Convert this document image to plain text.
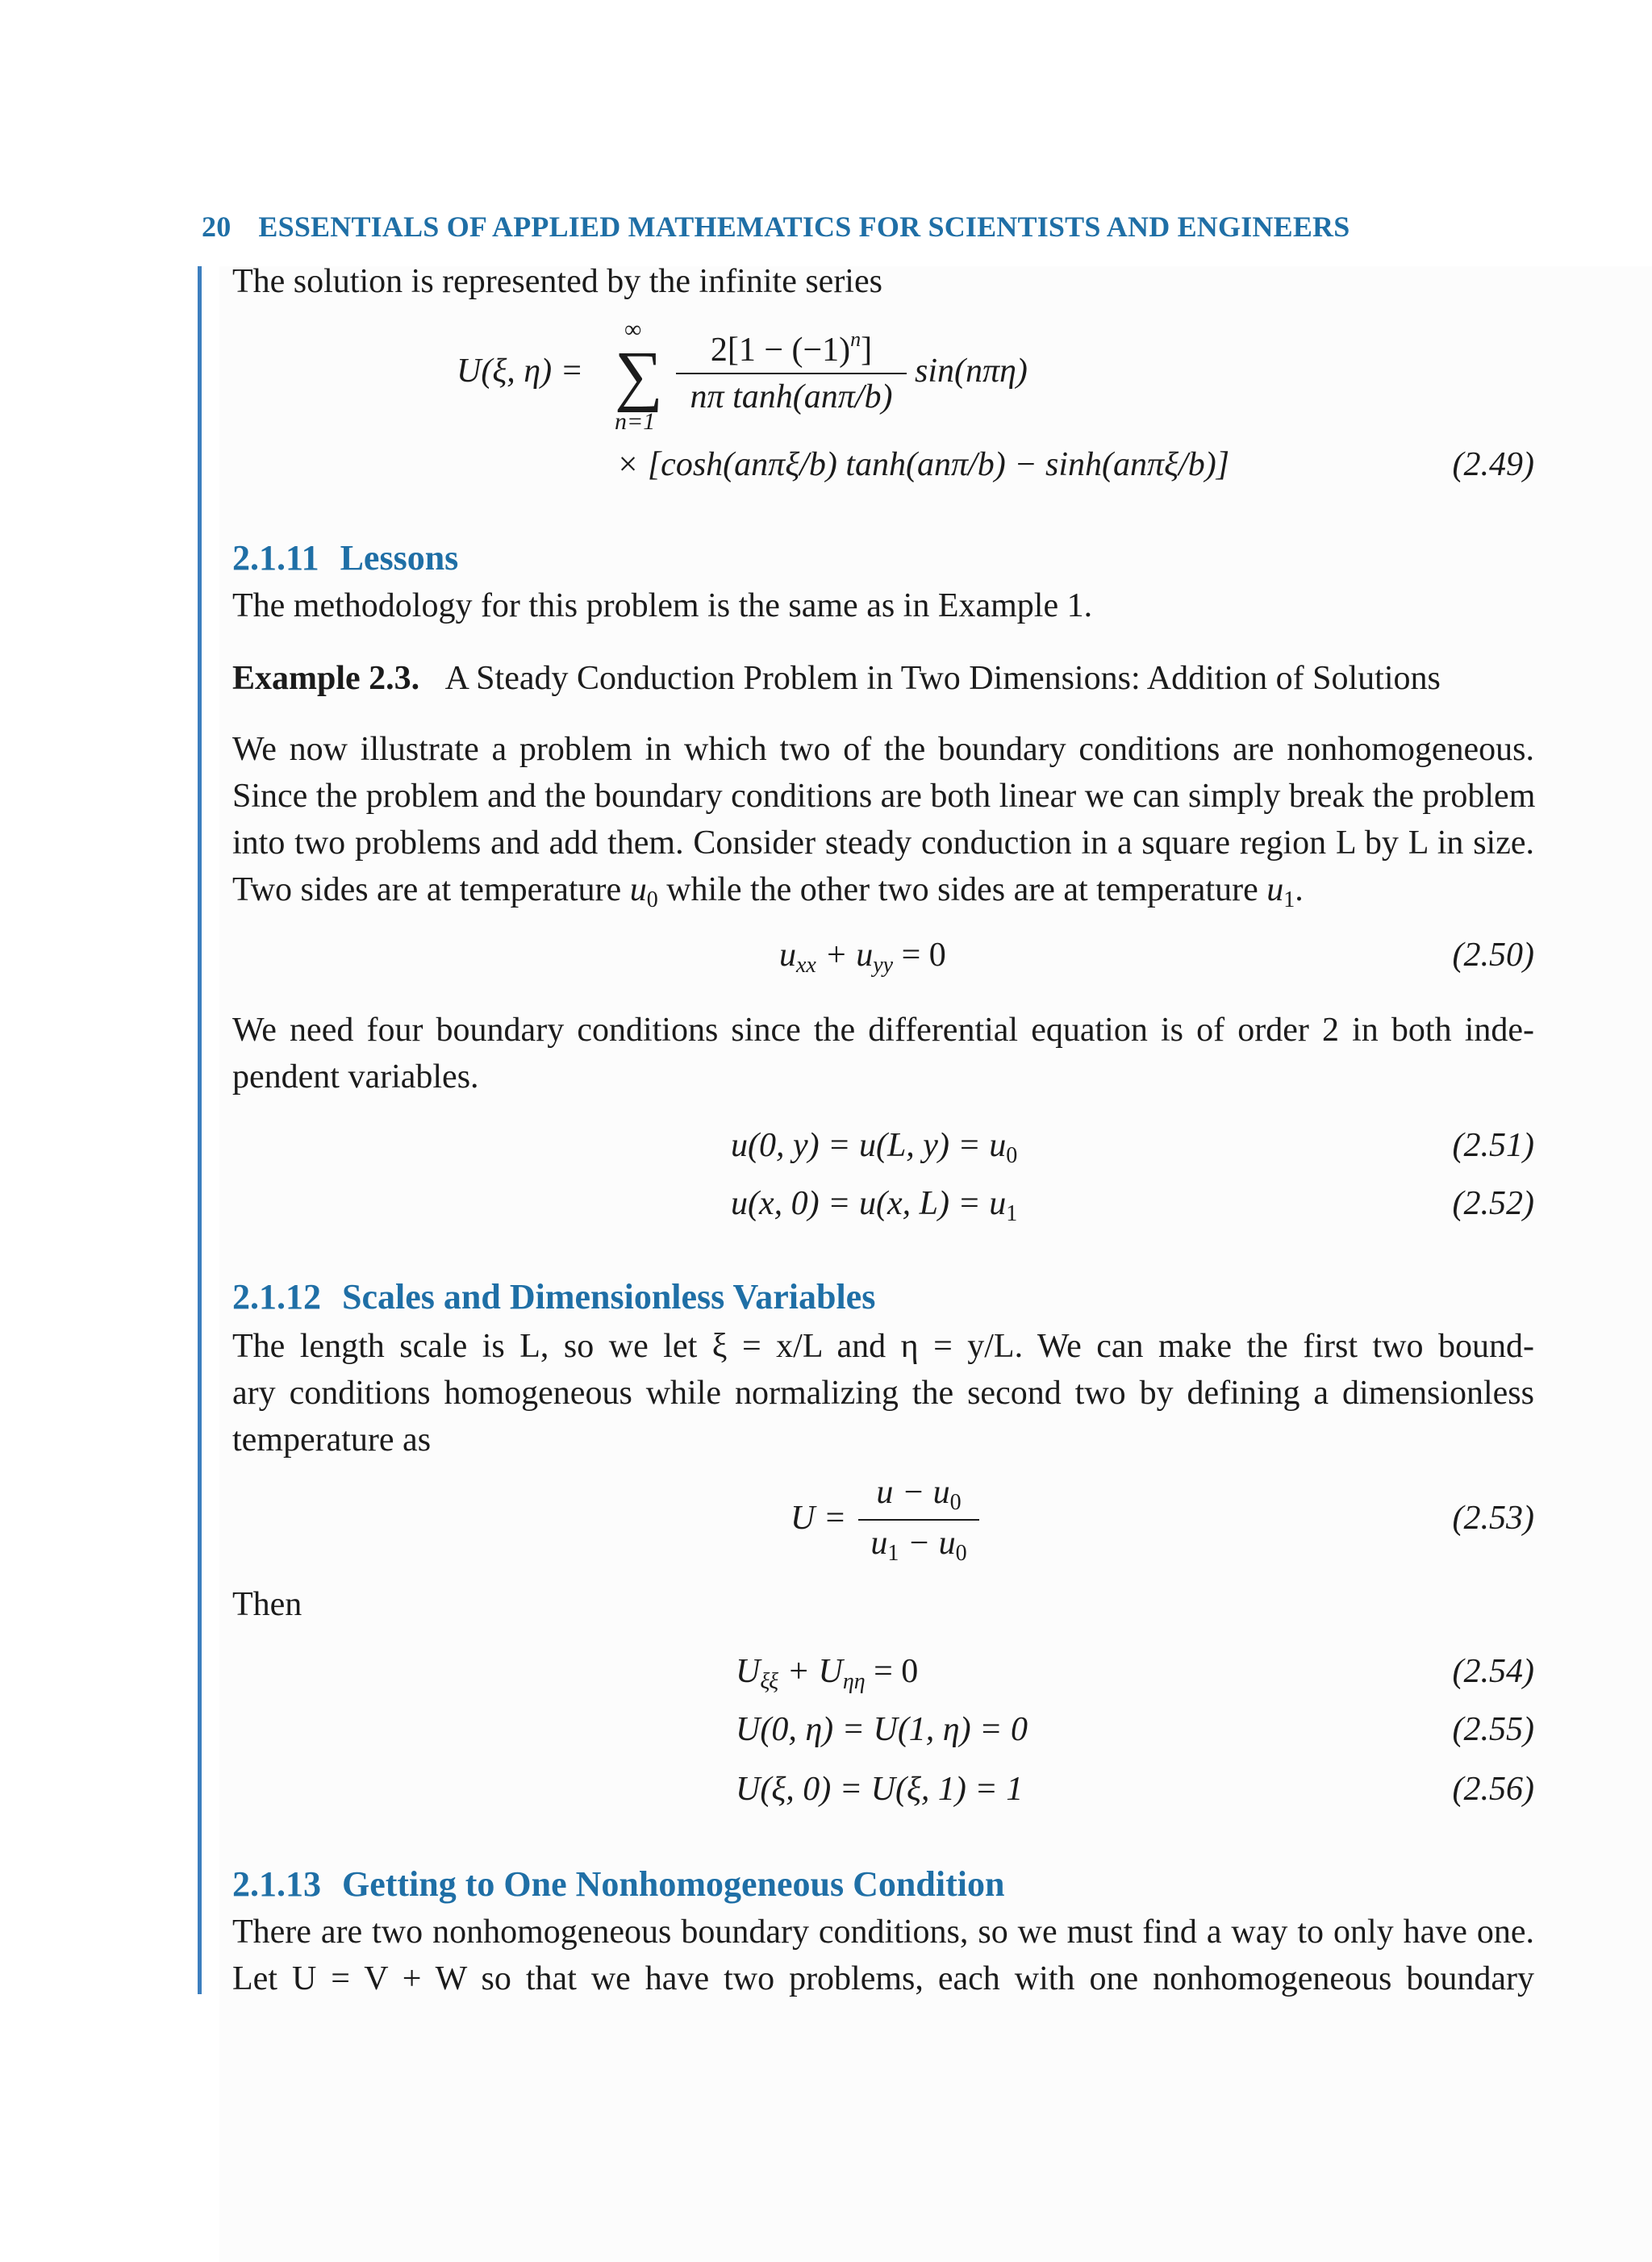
20 ESSENTIALS OF APPLIED MATHEMATICS FOR SCIENTISTS AND ENGINEERS
The solution is represented by the infinite series
U(ξ, η) =
∞
∑
n=1
$2[1 - (-1)^n]$
nπ tanh(anπ/b)
sin(nπη)
× [cosh(anπξ/b) tanh(anπ/b) − sinh(anπξ/b)]	(2.49)
2.1.11 Lessons
The methodology for this problem is the same as in Example 1.
Example 2.3. A Steady Conduction Problem in Two Dimensions: Addition of Solutions
We now illustrate a problem in which two of the boundary conditions are nonhomogeneous.
Since the problem and the boundary conditions are both linear we can simply break the problem
into two problems and add them. Consider steady conduction in a square region L by L in size.
Two sides are at temperature $u_0$ while the other two sides are at temperature $u_1$.
$u_{xx} + u_{yy} = 0$	(2.50)
We need four boundary conditions since the differential equation is of order 2 in both inde-
pendent variables.
u(0, y) = u(L, $y) = u_0$	(2.51)
u(x, 0) = u(x, $L) = u_1$	(2.52)
2.1.12 Scales and Dimensionless Variables
The length scale is L, so we let ξ = x/L and η = y/L. We can make the first two bound-
ary conditions homogeneous while normalizing the second two by defining a dimensionless
temperature as
U =
$u - u_0$
$u_1 - u_0$
(2.53)
Then
$U_{\xi\xi} + U_{\eta\eta} = 0$	(2.54)
U(0, η) = U(1, η) = 0	(2.55)
U(ξ, 0) = U(ξ, 1) = 1	(2.56)
2.1.13 Getting to One Nonhomogeneous Condition
There are two nonhomogeneous boundary conditions, so we must find a way to only have one.
Let U = V + W so that we have two problems, each with one nonhomogeneous boundary
